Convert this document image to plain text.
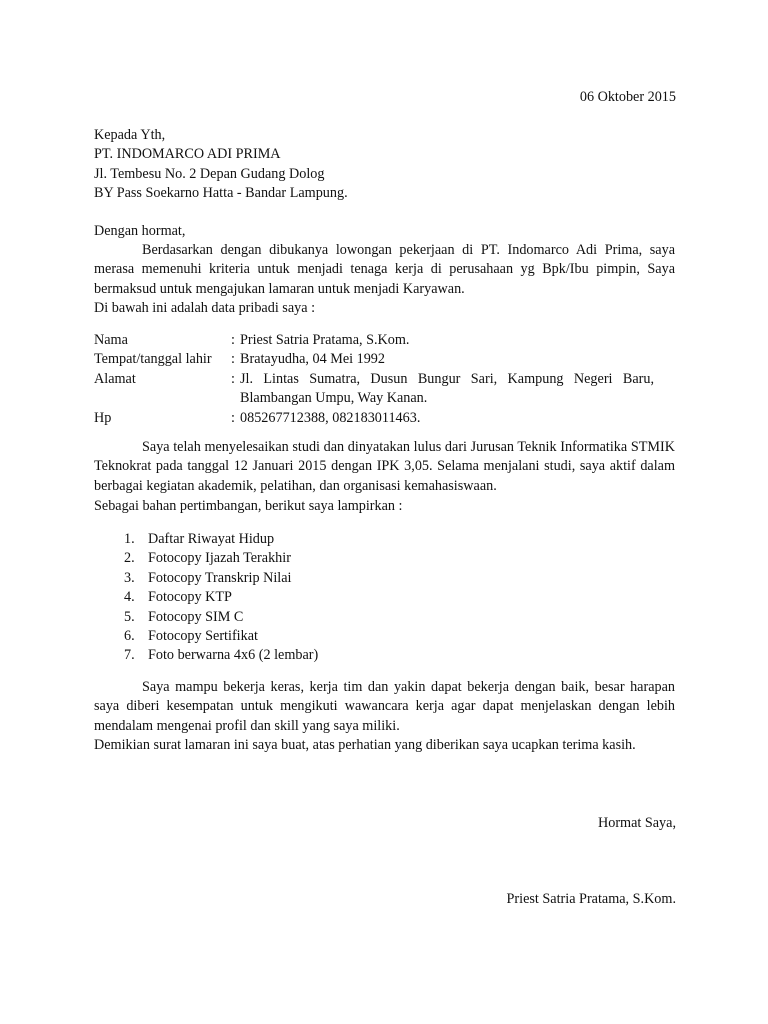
06 Oktober 2015
Kepada Yth,
PT. INDOMARCO ADI PRIMA
Jl. Tembesu No. 2 Depan Gudang Dolog
BY Pass Soekarno Hatta - Bandar Lampung.
Dengan hormat,

Berdasarkan dengan dibukanya lowongan pekerjaan di PT. Indomarco Adi Prima, saya merasa memenuhi kriteria untuk menjadi tenaga kerja di perusahaan yg Bpk/Ibu pimpin, Saya bermaksud untuk mengajukan lamaran untuk menjadi Karyawan.

Di bawah ini adalah data pribadi saya :
Nama	: Priest Satria Pratama, S.Kom.
Tempat/tanggal lahir	: Bratayudha, 04 Mei 1992
Alamat	: Jl. Lintas Sumatra, Dusun Bungur Sari, Kampung Negeri Baru, Blambangan Umpu, Way Kanan.
Hp	: 085267712388, 082183011463.

Saya telah menyelesaikan studi dan dinyatakan lulus dari Jurusan Teknik Informatika STMIK Teknokrat pada tanggal 12 Januari 2015 dengan IPK 3,05. Selama menjalani studi, saya aktif dalam berbagai kegiatan akademik, pelatihan, dan organisasi kemahasiswaan.

Sebagai bahan pertimbangan, berikut saya lampirkan :
1. Daftar Riwayat Hidup
2. Fotocopy Ijazah Terakhir
3. Fotocopy Transkrip Nilai
4. Fotocopy KTP
5. Fotocopy SIM C
6. Fotocopy Sertifikat
7. Foto berwarna 4x6 (2 lembar)

Saya mampu bekerja keras, kerja tim dan yakin dapat bekerja dengan baik, besar harapan saya diberi kesempatan untuk mengikuti wawancara kerja agar dapat menjelaskan dengan lebih mendalam mengenai profil dan skill yang saya miliki.

Demikian surat lamaran ini saya buat, atas perhatian yang diberikan saya ucapkan terima kasih.

Hormat Saya,
Priest Satria Pratama, S.Kom.
